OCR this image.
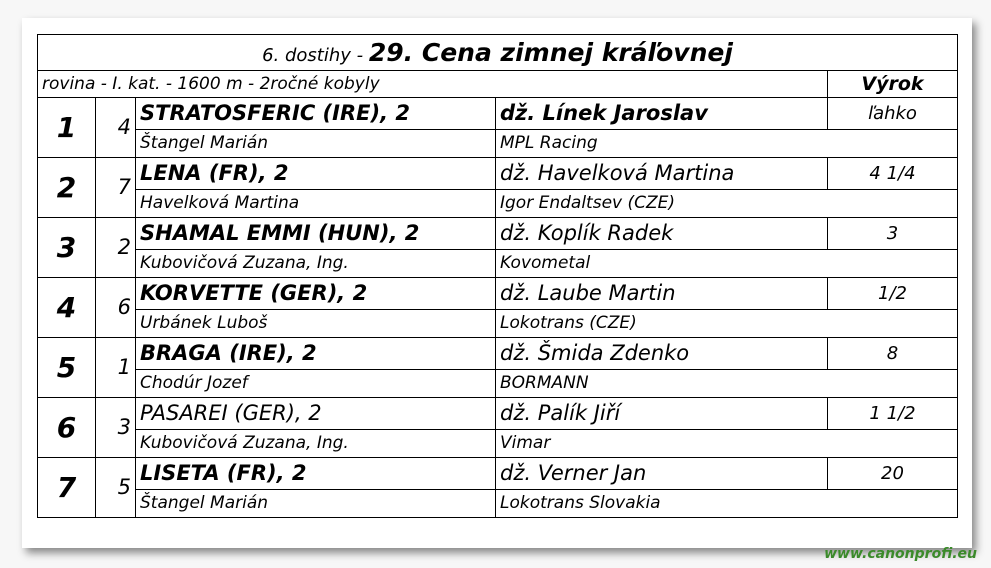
6. dostihy - 29. Cena zimnej kráľovnej				
rovina - I. kat. - 1600 m - 2ročné kobyly				Výrok
1	4	STRATOSFERIC (IRE), 2	dž. Línek Jaroslav	ľahko
		Štangel Marián	MPL Racing	
2	7	LENA (FR), 2	dž. Havelková Martina	4 1/4
		Havelková Martina	Igor Endaltsev (CZE)	
3	2	SHAMAL EMMI (HUN), 2	dž. Koplík Radek	3
		Kubovičová Zuzana, Ing.	Kovometal	
4	6	KORVETTE (GER), 2	dž. Laube Martin	1/2
		Urbánek Luboš	Lokotrans (CZE)	
5	1	BRAGA (IRE), 2	dž. Šmida Zdenko	8
		Chodúr Jozef	BORMANN	
6	3	PASAREI (GER), 2	dž. Palík Jiří	1 1/2
		Kubovičová Zuzana, Ing.	Vimar	
7	5	LISETA (FR), 2	dž. Verner Jan	20
		Štangel Marián	Lokotrans Slovakia	
www.canonprofi.eu
